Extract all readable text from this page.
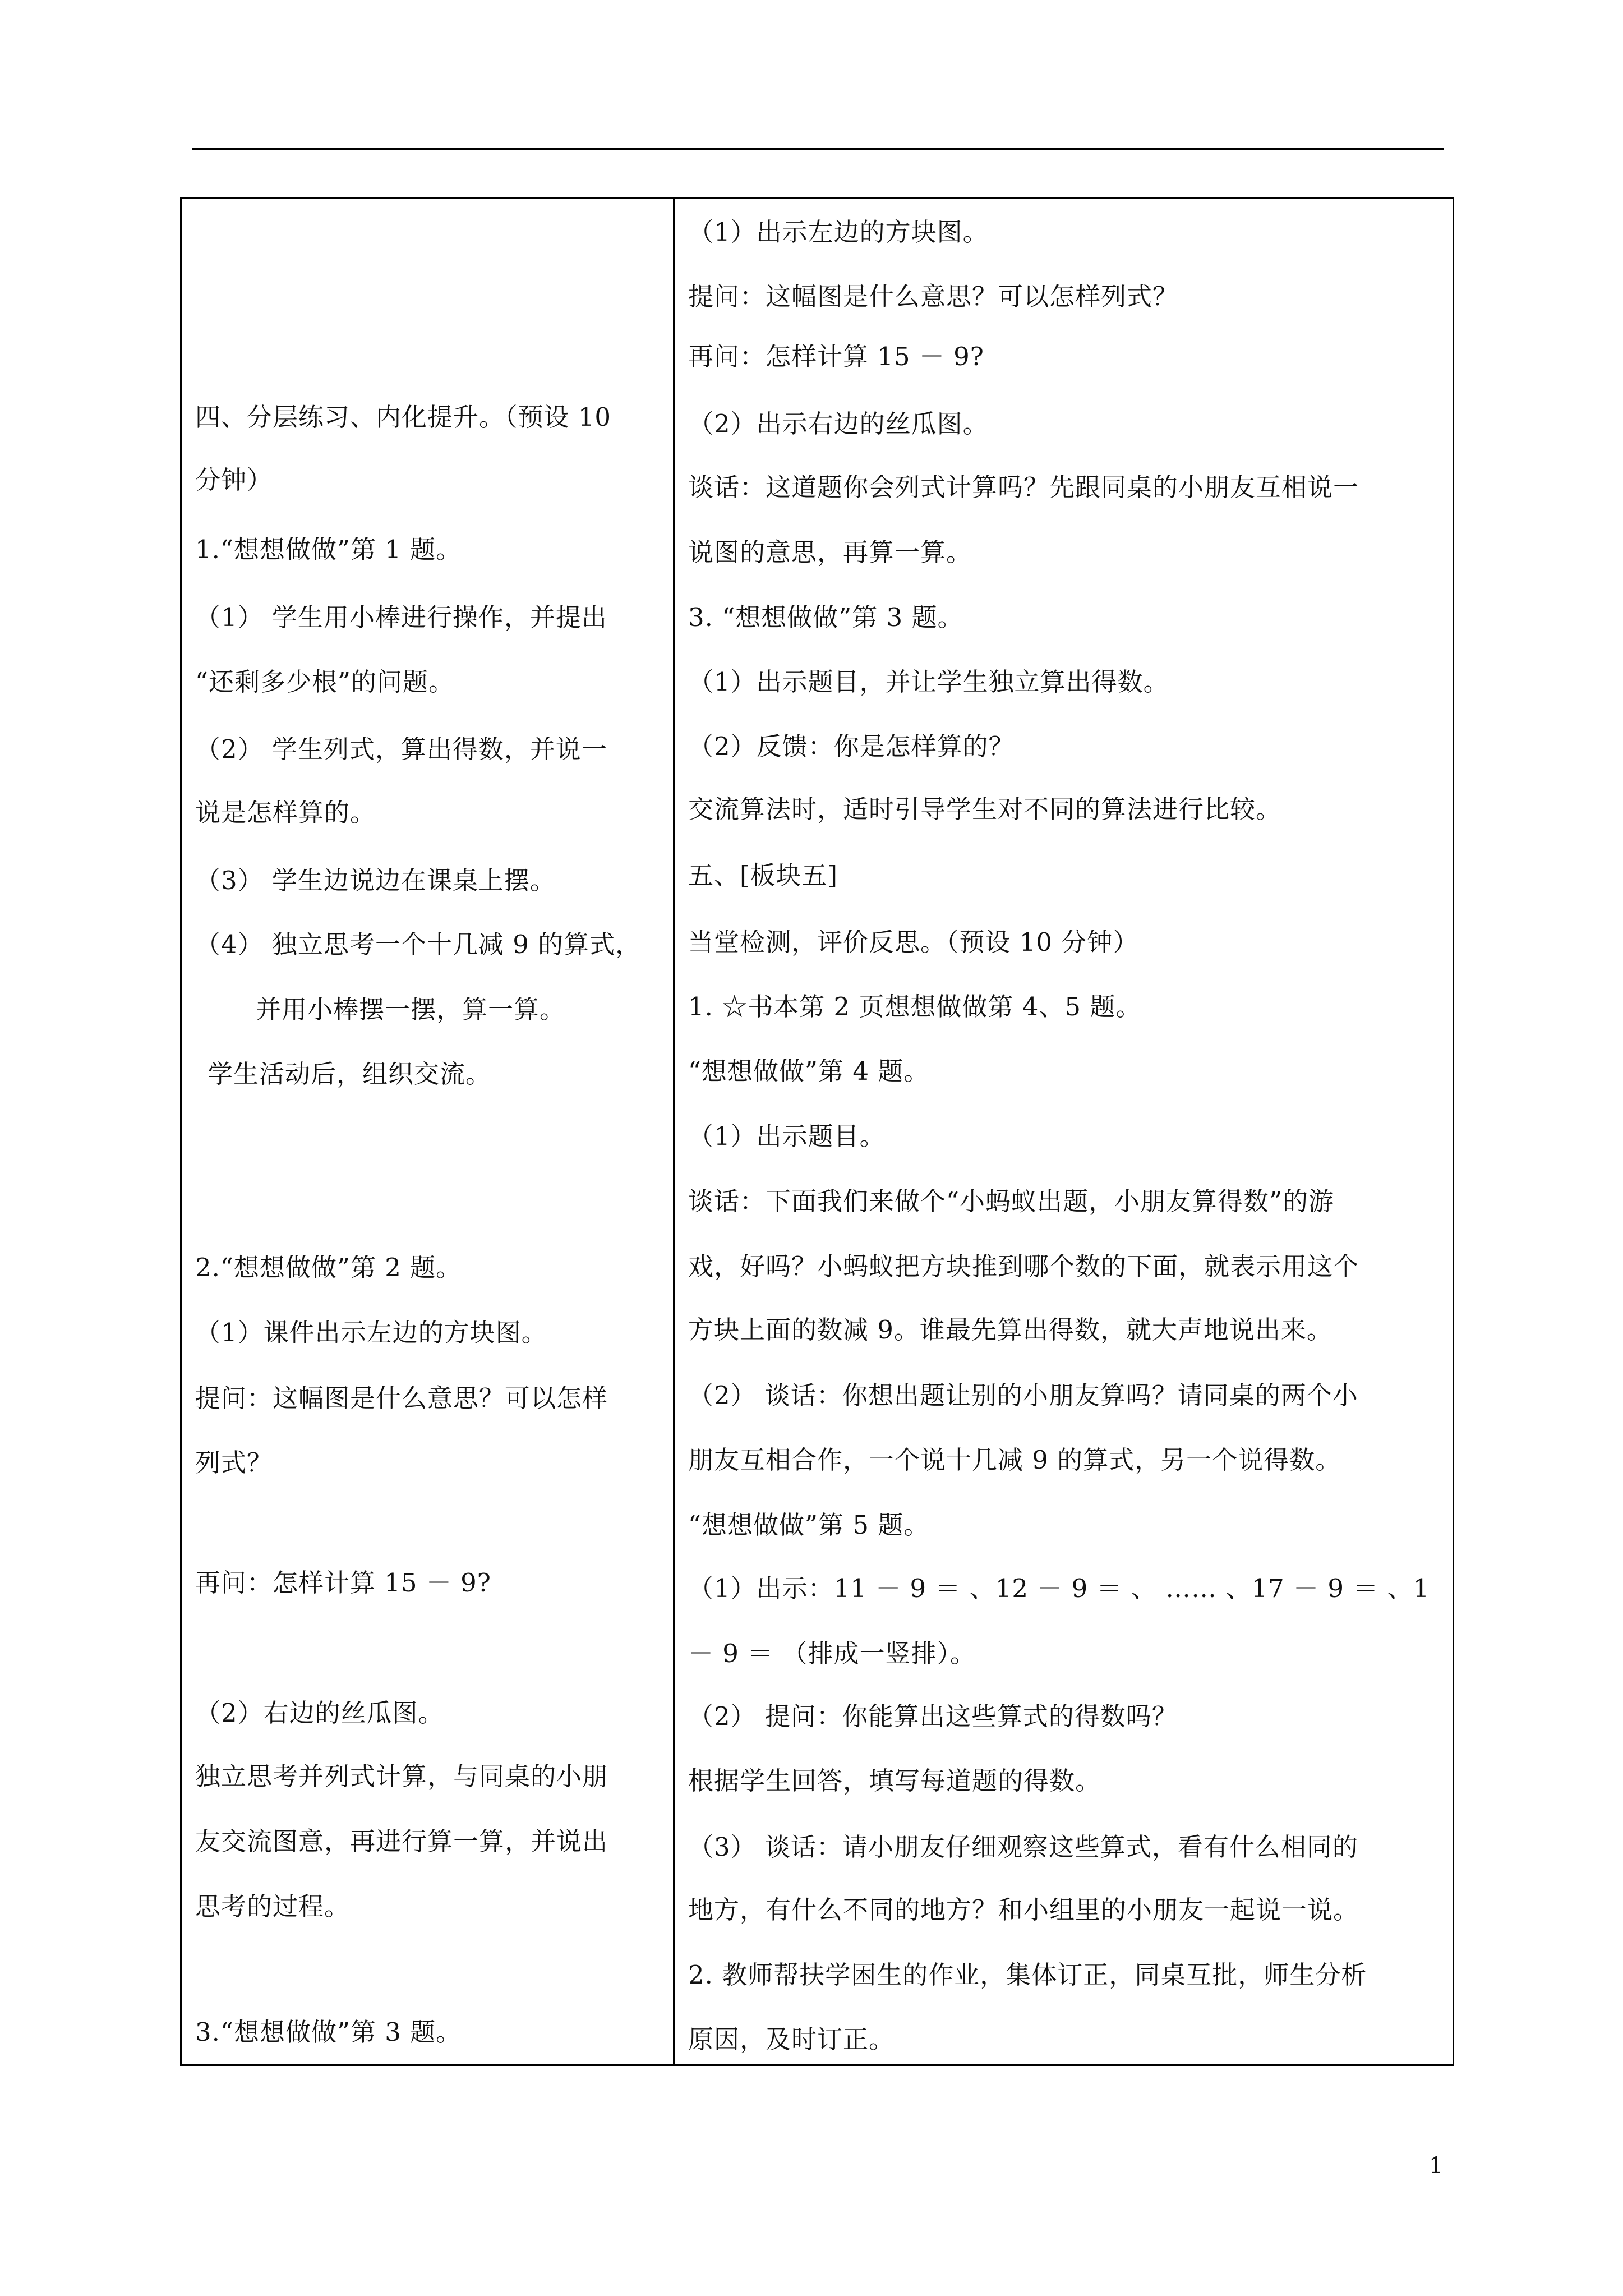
四、分层练习、内化提升。（预设 10
分钟）
1.“想想做做”第 1 题。
（1） 学生用小棒进行操作，并提出
“还剩多少根”的问题。
（2） 学生列式，算出得数，并说一
说是怎样算的。
（3） 学生边说边在课桌上摆。
（4） 独立思考一个十几减 9 的算式，
并用小棒摆一摆，算一算。
学生活动后，组织交流。
2.“想想做做”第 2 题。
（1）课件出示左边的方块图。
提问：这幅图是什么意思？可以怎样
列式？
再问：怎样计算 15 － 9?
（2）右边的丝瓜图。
独立思考并列式计算，与同桌的小朋
友交流图意，再进行算一算，并说出
思考的过程。
3.“想想做做”第 3 题。
（1）出示左边的方块图。
提问：这幅图是什么意思？可以怎样列式？
再问：怎样计算 15 － 9?
（2）出示右边的丝瓜图。
谈话：这道题你会列式计算吗？先跟同桌的小朋友互相说一
说图的意思，再算一算。
3. “想想做做”第 3 题。
（1）出示题目，并让学生独立算出得数。
（2）反馈：你是怎样算的？
交流算法时，适时引导学生对不同的算法进行比较。
五、[板块五]
当堂检测，评价反思。（预设 10 分钟）
1. ☆书本第 2 页想想做做第 4、5 题。
“想想做做”第 4 题。
（1）出示题目。
谈话：下面我们来做个“小蚂蚁出题，小朋友算得数”的游
戏，好吗？小蚂蚁把方块推到哪个数的下面，就表示用这个
方块上面的数减 9。谁最先算出得数，就大声地说出来。
（2） 谈话：你想出题让别的小朋友算吗？请同桌的两个小
朋友互相合作，一个说十几减 9 的算式，另一个说得数。
“想想做做”第 5 题。
（1）出示：11 － 9 ＝ 、12 － 9 ＝ 、 …… 、17 － 9 ＝ 、1
－ 9 ＝ （排成一竖排）。
（2） 提问：你能算出这些算式的得数吗？
根据学生回答，填写每道题的得数。
（3） 谈话：请小朋友仔细观察这些算式，看有什么相同的
地方，有什么不同的地方？和小组里的小朋友一起说一说。
2. 教师帮扶学困生的作业，集体订正，同桌互批，师生分析
原因，及时订正。
1
